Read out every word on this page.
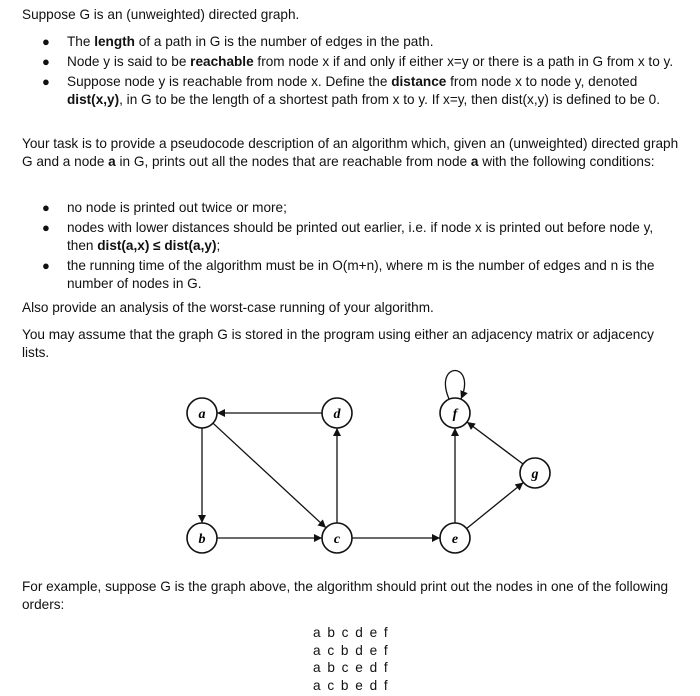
Suppose G is an (unweighted) directed graph.

● The length of a path in G is the number of edges in the path.
● Node y is said to be reachable from node x if and only if either x=y or there is a path in G from x to y.
● Suppose node y is reachable from node x. Define the distance from node x to node y, denoted dist(x,y), in G to be the length of a shortest path from x to y. If x=y, then dist(x,y) is defined to be 0.

Your task is to provide a pseudocode description of an algorithm which, given an (unweighted) directed graph G and a node a in G, prints out all the nodes that are reachable from node a with the following conditions:

● no node is printed out twice or more;
● nodes with lower distances should be printed out earlier, i.e. if node x is printed out before node y, then dist(a,x) ≤ dist(a,y);
● the running time of the algorithm must be in O(m+n), where m is the number of edges and n is the number of nodes in G.

Also provide an analysis of the worst-case running of your algorithm.

You may assume that the graph G is stored in the program using either an adjacency matrix or adjacency lists.

a
b	c
d
e
f
g

For example, suppose G is the graph above, the algorithm should print out the nodes in one of the following orders:

a b c d e f
a c b d e f
a b c e d f
a c b e d f
